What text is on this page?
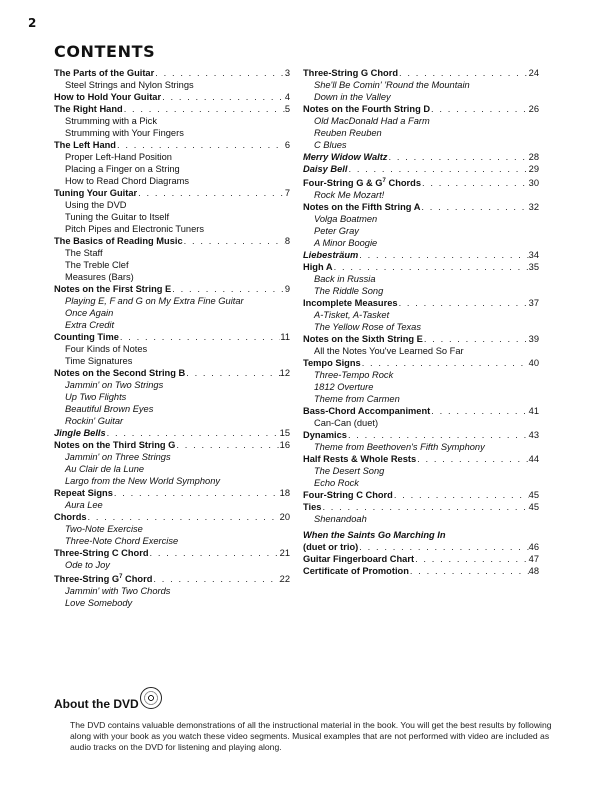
2
CONTENTS
The Parts of the Guitar . . .	3
Steel Strings and Nylon Strings
How to Hold Your Guitar . . .	4
The Right Hand . . .	5
Strumming with a Pick
Strumming with Your Fingers
The Left Hand . . .	6
Proper Left-Hand Position
Placing a Finger on a String
How to Read Chord Diagrams
Tuning Your Guitar . . .	7
Using the DVD
Tuning the Guitar to Itself
Pitch Pipes and Electronic Tuners
The Basics of Reading Music . . .	8
The Staff
The Treble Clef
Measures (Bars)
Notes on the First String E . . .	9
Playing E, F and G on My Extra Fine Guitar
Once Again
Extra Credit
Counting Time . . .	11
Four Kinds of Notes
Time Signatures
Notes on the Second String B . . .	12
Jammin' on Two Strings
Up Two Flights
Beautiful Brown Eyes
Rockin' Guitar
Jingle Bells . . .	15
Notes on the Third String G . . .	16
Jammin' on Three Strings
Au Clair de la Lune
Largo from the New World Symphony
Repeat Signs . . .	18
Aura Lee
Chords . . .	20
Two-Note Exercise
Three-Note Chord Exercise
Three-String C Chord . . .	21
Ode to Joy
Three-String $G^7$ Chord . . .	22
Jammin' with Two Chords
Love Somebody
Three-String G Chord . . .	24
She'll Be Comin' 'Round the Mountain
Down in the Valley
Notes on the Fourth String D . . .	26
Old MacDonald Had a Farm
Reuben Reuben
C Blues
Merry Widow Waltz . . .	28
Daisy Bell . . .	29
Four-String G & $G^7$ Chords . . .	30
Rock Me Mozart!
Notes on the Fifth String A . . .	32
Volga Boatmen
Peter Gray
A Minor Boogie
Liebesträum . . .	34
High A . . .	35
Back in Russia
The Riddle Song
Incomplete Measures . . .	37
A-Tisket, A-Tasket
The Yellow Rose of Texas
Notes on the Sixth String E . . .	39
All the Notes You've Learned So Far
Tempo Signs . . .	40
Three-Tempo Rock
1812 Overture
Theme from Carmen
Bass-Chord Accompaniment . . .	41
Can-Can (duet)
Dynamics . . .	43
Theme from Beethoven's Fifth Symphony
Half Rests & Whole Rests . . .	44
The Desert Song
Echo Rock
Four-String C Chord . . .	45
Ties . . .	45
Shenandoah
When the Saints Go Marching In
(duet or trio) . . .	46
Guitar Fingerboard Chart . . .	47
Certificate of Promotion . . .	48
About the DVD
The DVD contains valuable demonstrations of all the instructional material in the book. You will get the best results by following along with your book as you watch these video segments. Musical examples that are not performed with video are included as audio tracks on the DVD for listening and playing along.
